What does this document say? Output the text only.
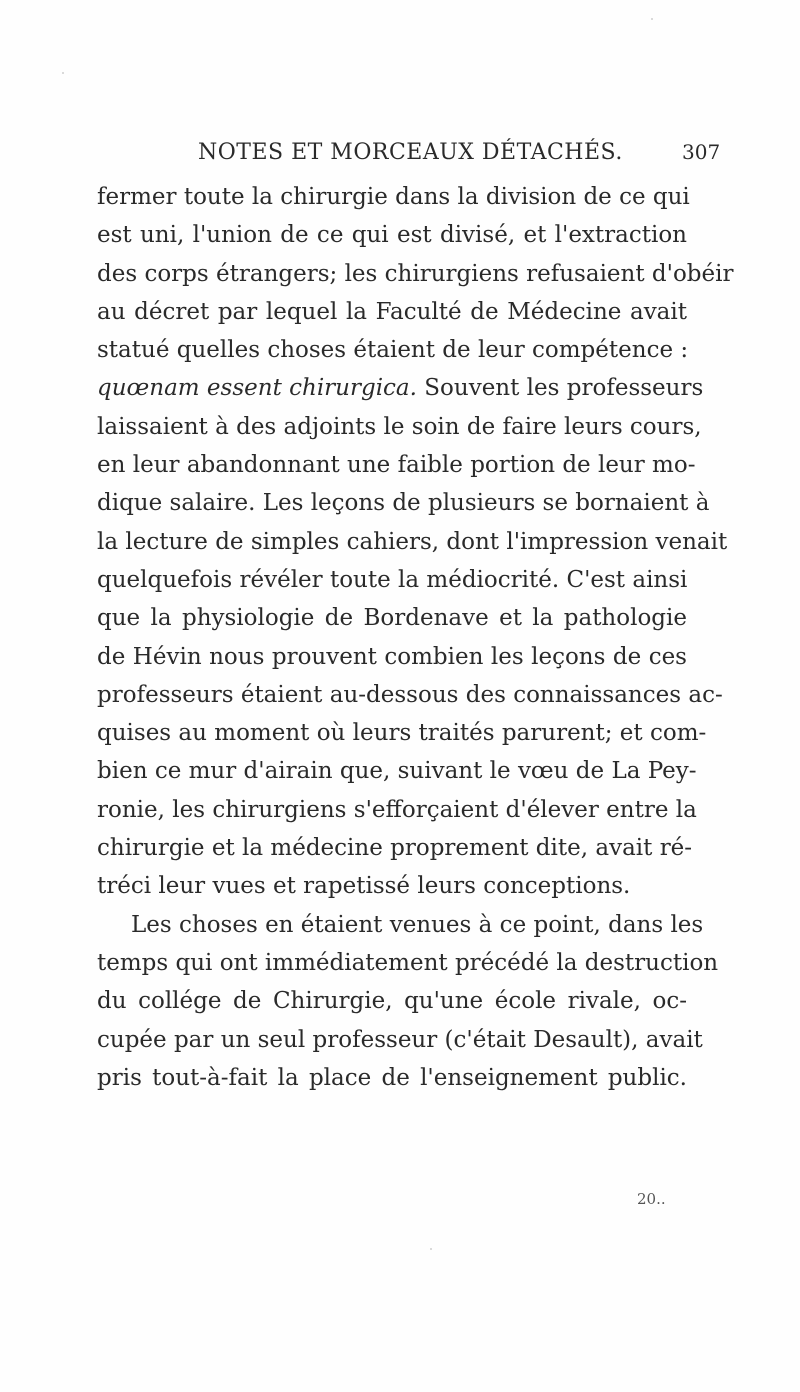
NOTES ET MORCEAUX DÉTACHÉS.	307
fermer toute la chirurgie dans la division de ce qui
est uni, l'union de ce qui est divisé, et l'extraction
des corps étrangers; les chirurgiens refusaient d'obéir
au décret par lequel la Faculté de Médecine avait
statué quelles choses étaient de leur compétence :
quœnam essent chirurgica. Souvent les professeurs
laissaient à des adjoints le soin de faire leurs cours,
en leur abandonnant une faible portion de leur mo-
dique salaire. Les leçons de plusieurs se bornaient à
la lecture de simples cahiers, dont l'impression venait
quelquefois révéler toute la médiocrité. C'est ainsi
que la physiologie de Bordenave et la pathologie
de Hévin nous prouvent combien les leçons de ces
professeurs étaient au-dessous des connaissances ac-
quises au moment où leurs traités parurent; et com-
bien ce mur d'airain que, suivant le vœu de La Pey-
ronie, les chirurgiens s'efforçaient d'élever entre la
chirurgie et la médecine proprement dite, avait ré-
tréci leur vues et rapetissé leurs conceptions.
Les choses en étaient venues à ce point, dans les
temps qui ont immédiatement précédé la destruction
du collége de Chirurgie, qu'une école rivale, oc-
cupée par un seul professeur (c'était Desault), avait
pris tout-à-fait la place de l'enseignement public.
20..
